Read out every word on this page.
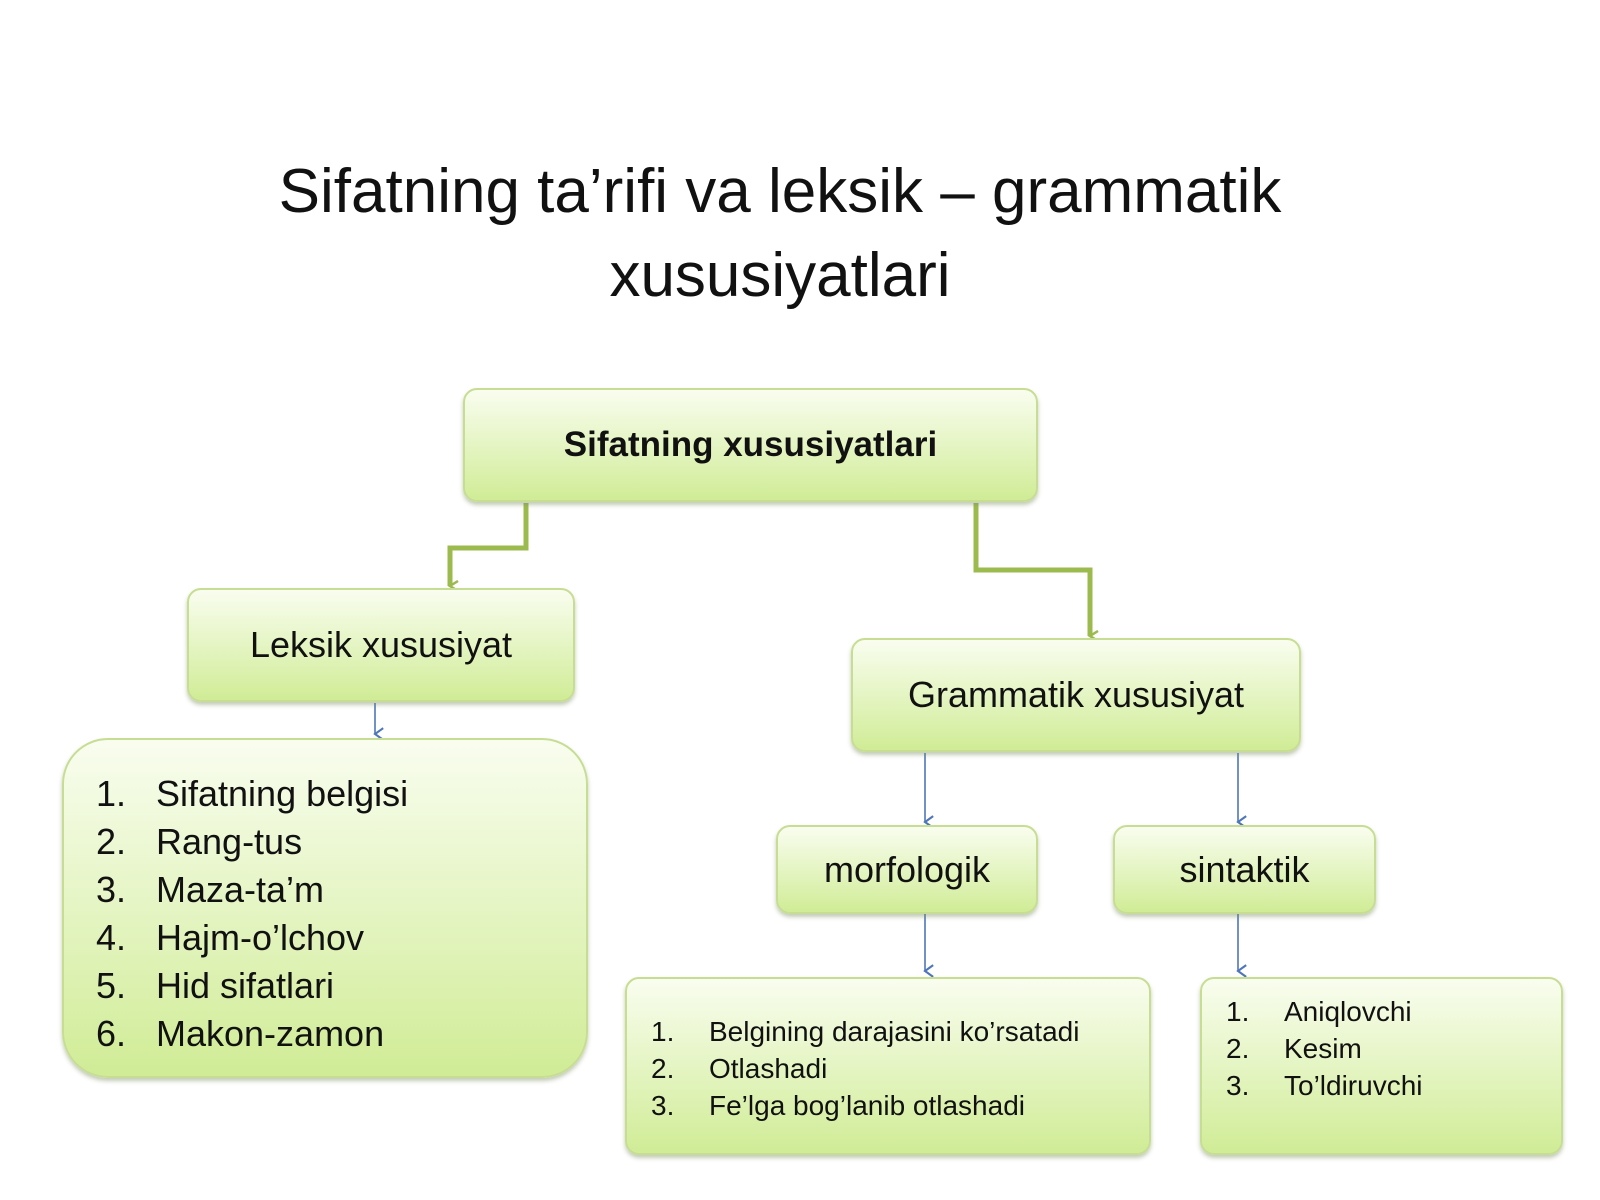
Sifatning ta’rifi va leksik – grammatik
xususiyatlari
Sifatning xususiyatlari
Leksik xususiyat
Grammatik xususiyat
morfologik	sintaktik
1. Sifatning belgisi
2. Rang-tus
3. Maza-ta’m
4. Hajm-o’lchov
5. Hid sifatlari
6. Makon-zamon	1.	Belgining darajasini ko’rsatadi
2.	Otlashadi
3.	Fe’lga bog’lanib otlashadi
1.	Aniqlovchi
2.	Kesim
3.	To’ldiruvchi
